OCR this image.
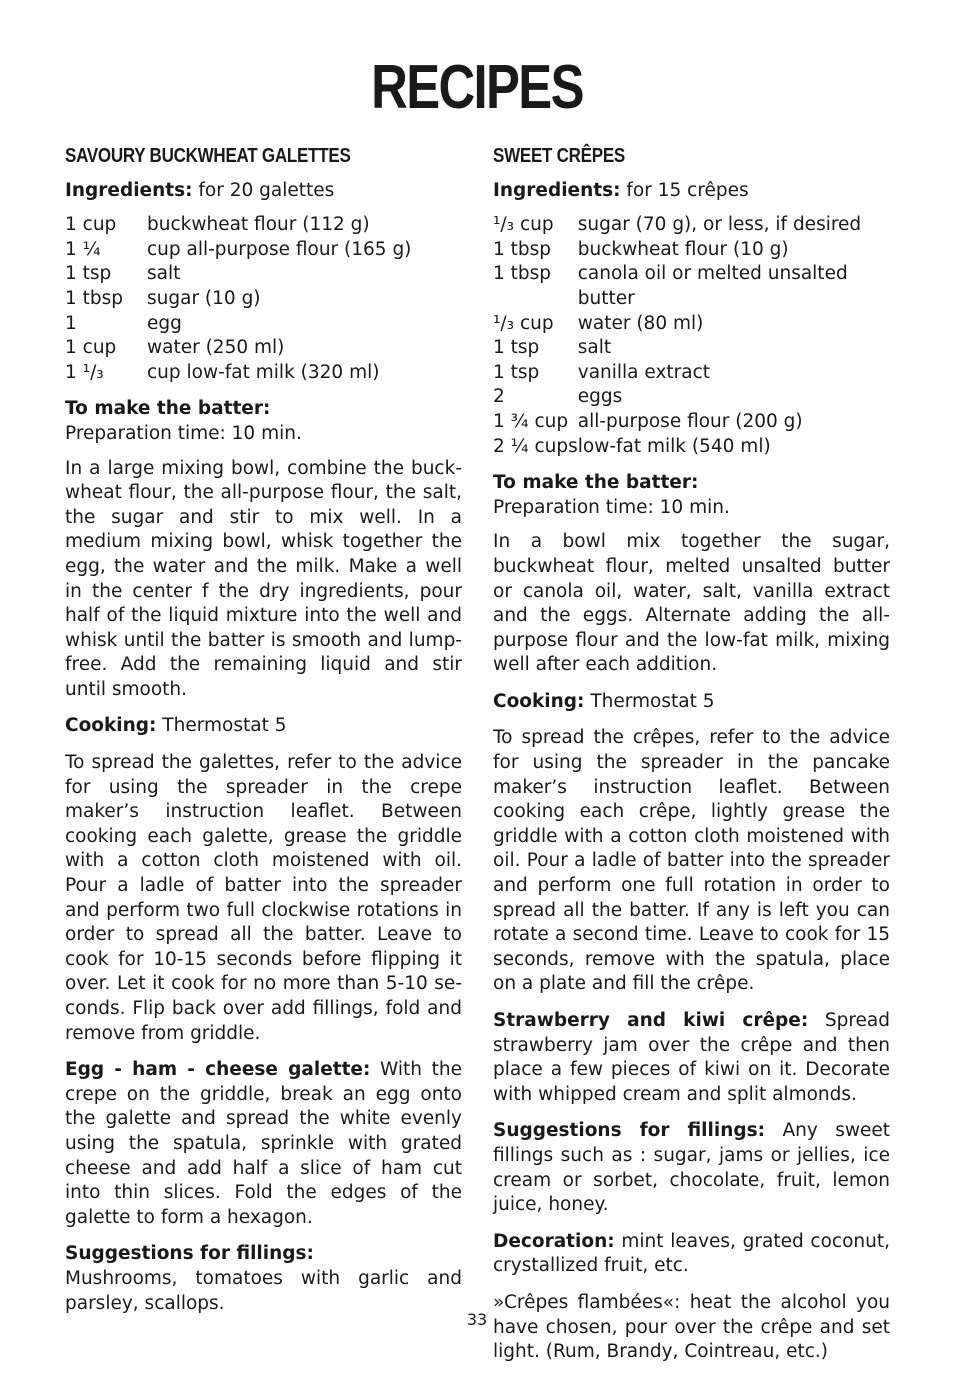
RECIPES
SAVOURY BUCKWHEAT GALETTES

Ingredients: for 20 galettes

1 cup	buckwheat flour (112 g)
1 ¼	cup all-purpose flour (165 g)
1 tsp	salt
1 tbsp	sugar (10 g)
1	egg
1 cup	water (250 ml)
1 ¹/₃	cup low-fat milk (320 ml)

To make the batter:
Preparation time: 10 min.

In a large mixing bowl, combine the buckwheat flour, the all-purpose flour, the salt, the sugar and stir to mix well. In a medium mixing bowl, whisk together the egg, the water and the milk. Make a well in the center f the dry ingredients, pour half of the liquid mixture into the well and whisk until the batter is smooth and lump-free. Add the remaining liquid and stir until smooth.

Cooking: Thermostat 5

To spread the galettes, refer to the advice for using the spreader in the crepe maker’s instruction leaflet. Between cooking each galette, grease the griddle with a cotton cloth moistened with oil. Pour a ladle of batter into the spreader and perform two full clockwise rotations in order to spread all the batter. Leave to cook for 10-15 seconds before flipping it over. Let it cook for no more than 5-10 seconds. Flip back over add fillings, fold and remove from griddle.

Egg - ham - cheese galette: With the crepe on the griddle, break an egg onto the galette and spread the white evenly using the spatula, sprinkle with grated cheese and add half a slice of ham cut into thin slices. Fold the edges of the galette to form a hexagon.

Suggestions for fillings:
Mushrooms, tomatoes with garlic and parsley, scallops.

SWEET CRÊPES

Ingredients: for 15 crêpes

¹/₃ cup	sugar (70 g), or less, if desired
1 tbsp	buckwheat flour (10 g)
1 tbsp	canola oil or melted unsalted butter
¹/₃ cup	water (80 ml)
1 tsp	salt
1 tsp	vanilla extract
2	eggs
1 ¾ cup	all-purpose flour (200 g)
2 ¼ cups	low-fat milk (540 ml)

To make the batter:
Preparation time: 10 min.

In a bowl mix together the sugar, buckwheat flour, melted unsalted butter or canola oil, water, salt, vanilla extract and the eggs. Alternate adding the all-purpose flour and the low-fat milk, mixing well after each addition.

Cooking: Thermostat 5

To spread the crêpes, refer to the advice for using the spreader in the pancake maker’s instruction leaflet. Between cooking each crêpe, lightly grease the griddle with a cotton cloth moistened with oil. Pour a ladle of batter into the spreader and perform one full rotation in order to spread all the batter. If any is left you can rotate a second time. Leave to cook for 15 seconds, remove with the spatula, place on a plate and fill the crêpe.

Strawberry and kiwi crêpe: Spread strawberry jam over the crêpe and then place a few pieces of kiwi on it. Decorate with whipped cream and split almonds.

Suggestions for fillings: Any sweet fillings such as : sugar, jams or jellies, ice cream or sorbet, chocolate, fruit, lemon juice, honey.

Decoration: mint leaves, grated coconut, crystallized fruit, etc.

»Crêpes flambées«: heat the alcohol you have chosen, pour over the crêpe and set light. (Rum, Brandy, Cointreau, etc.)

33
